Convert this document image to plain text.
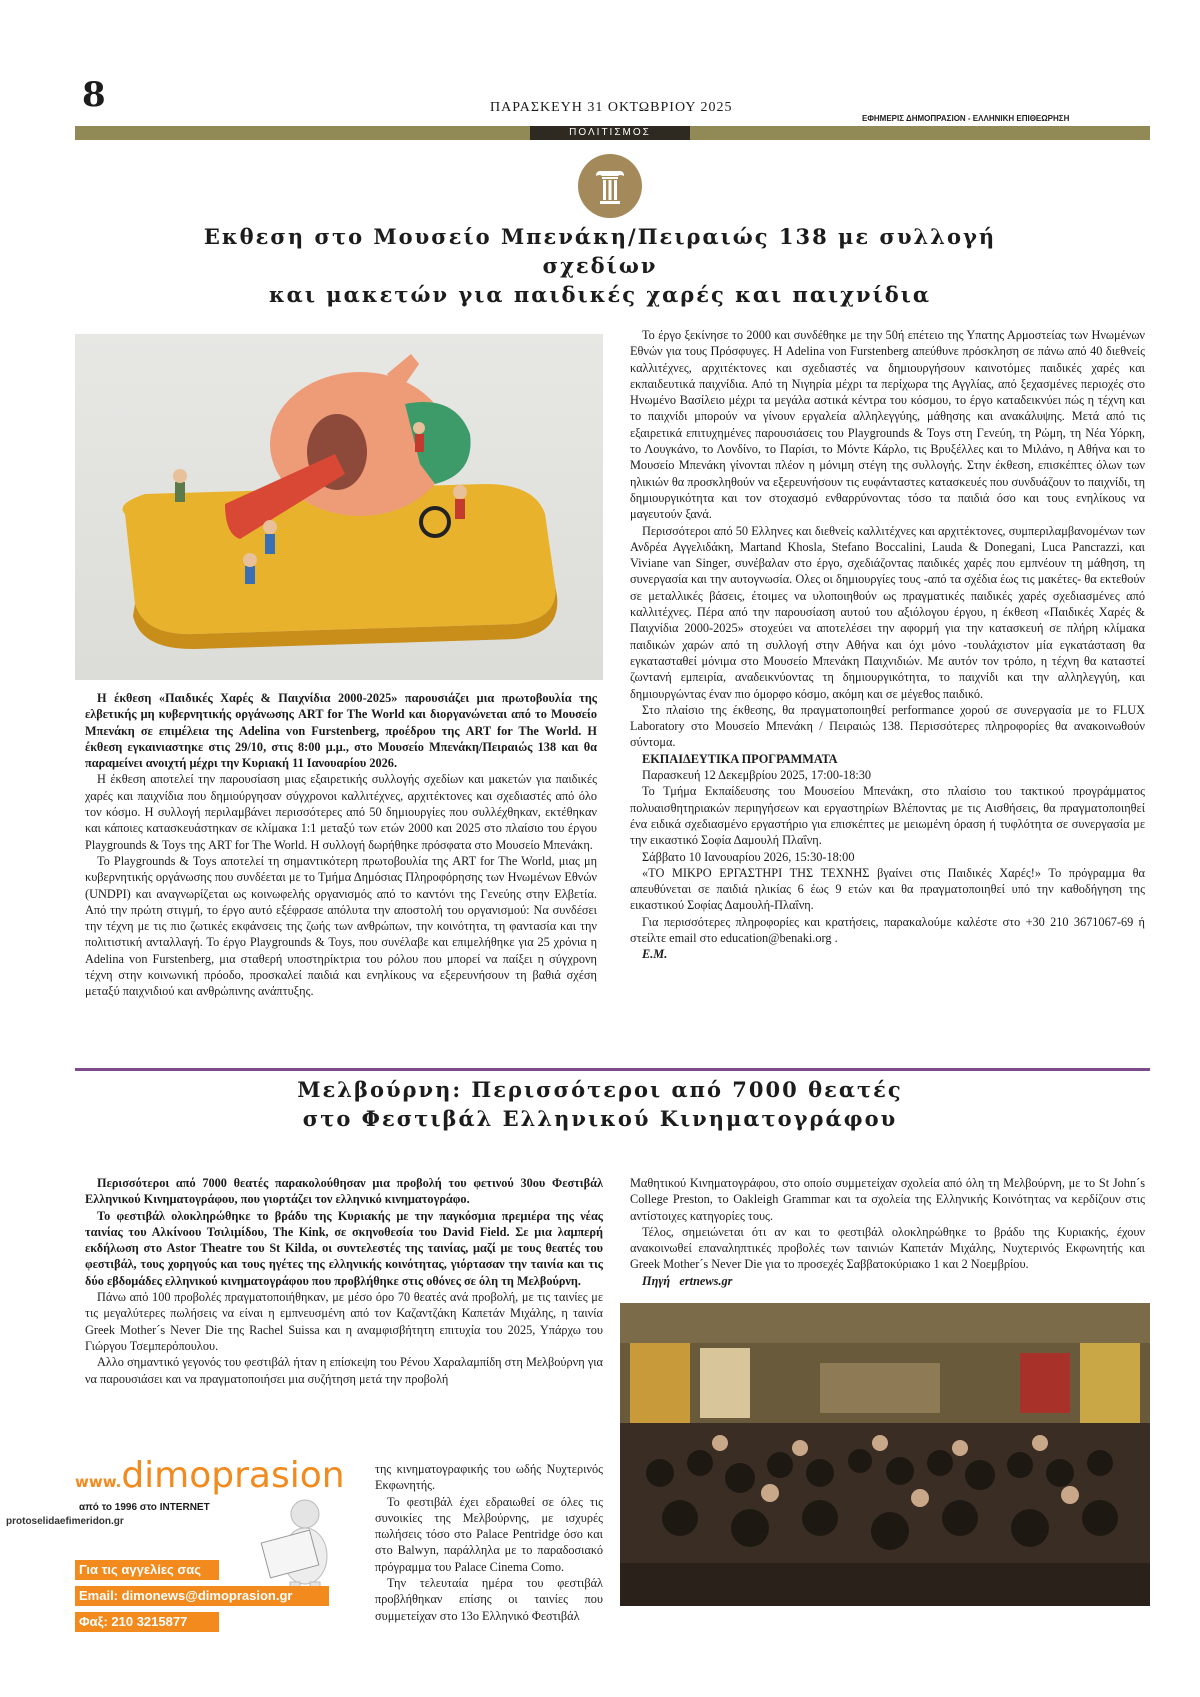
8	ΠΑΡΑΣΚΕΥΗ 31 ΟΚΤΩΒΡΙΟΥ 2025
ΕΦΗΜΕΡΙΣ ΔΗΜΟΠΡΑΣΙΟΝ - ΕΛΛΗΝΙΚΗ ΕΠΙΘΕΩΡΗΣΗ
ΠΟΛΙΤΙΣΜΟΣ
Εκθεση στο Μουσείο Μπενάκη/Πειραιώς 138 με συλλογή σχεδίων
και μακετών για παιδικές χαρές και παιχνίδια

Η έκθεση «Παιδικές Χαρές & Παιχνίδια 2000-2025» παρουσιάζει μια πρωτοβουλία της ελβετικής μη κυβερνητικής οργάνωσης ART for The World και διοργανώνεται από το Μουσείο Μπενάκη σε επιμέλεια της Adelina von Furstenberg, προέδρου της ART for The World. Η έκθεση εγκαινιαστηκε στις 29/10, στις 8:00 μ.μ., στο Μουσείο Μπενάκη/Πειραιώς 138 και θα παραμείνει ανοιχτή μέχρι την Κυριακή 11 Ιανουαρίου 2026.

Η έκθεση αποτελεί την παρουσίαση μιας εξαιρετικής συλλογής σχεδίων και μακετών για παιδικές χαρές και παιχνίδια που δημιούργησαν σύγχρονοι καλλιτέχνες, αρχιτέκτονες και σχεδιαστές από όλο τον κόσμο. Η συλλογή περιλαμβάνει περισσότερες από 50 δημιουργίες που συλλέχθηκαν, εκτέθηκαν και κάποιες κατασκευάστηκαν σε κλίμακα 1:1 μεταξύ των ετών 2000 και 2025 στο πλαίσιο του έργου Playgrounds & Toys της ART for The World. Η συλλογή δωρήθηκε πρόσφατα στο Μουσείο Μπενάκη.

Το Playgrounds & Toys αποτελεί τη σημαντικότερη πρωτοβουλία της ART for The World, μιας μη κυβερνητικής οργάνωσης που συνδέεται με το Τμήμα Δημόσιας Πληροφόρησης των Ηνωμένων Εθνών (UNDPI) και αναγνωρίζεται ως κοινωφελής οργανισμός από το καντόνι της Γενεύης στην Ελβετία. Από την πρώτη στιγμή, το έργο αυτό εξέφρασε απόλυτα την αποστολή του οργανισμού: Να συνδέσει την τέχνη με τις πιο ζωτικές εκφάνσεις της ζωής των ανθρώπων, την κοινότητα, τη φαντασία και την πολιτιστική ανταλλαγή. Το έργο Playgrounds & Toys, που συνέλαβε και επιμελήθηκε για 25 χρόνια η Adelina von Furstenberg, μια σταθερή υποστηρίκτρια του ρόλου που μπορεί να παίξει η σύγχρονη τέχνη στην κοινωνική πρόοδο, προσκαλεί παιδιά και ενηλίκους να εξερευνήσουν τη βαθιά σχέση μεταξύ παιχνιδιού και ανθρώπινης ανάπτυξης.

Το έργο ξεκίνησε το 2000 και συνδέθηκε με την 50ή επέτειο της Υπατης Αρμοστείας των Ηνωμένων Εθνών για τους Πρόσφυγες. Η Adelina von Furstenberg απεύθυνε πρόσκληση σε πάνω από 40 διεθνείς καλλιτέχνες, αρχιτέκτονες και σχεδιαστές να δημιουργήσουν καινοτόμες παιδικές χαρές και εκπαιδευτικά παιχνίδια. Από τη Νιγηρία μέχρι τα περίχωρα της Αγγλίας, από ξεχασμένες περιοχές στο Ηνωμένο Βασίλειο μέχρι τα μεγάλα αστικά κέντρα του κόσμου, το έργο καταδεικνύει πώς η τέχνη και το παιχνίδι μπορούν να γίνουν εργαλεία αλληλεγγύης, μάθησης και ανακάλυψης. Μετά από τις εξαιρετικά επιτυχημένες παρουσιάσεις του Playgrounds & Toys στη Γενεύη, τη Ρώμη, τη Νέα Υόρκη, το Λουγκάνο, το Λονδίνο, το Παρίσι, το Μόντε Κάρλο, τις Βρυξέλλες και το Μιλάνο, η Αθήνα και το Μουσείο Μπενάκη γίνονται πλέον η μόνιμη στέγη της συλλογής. Στην έκθεση, επισκέπτες όλων των ηλικιών θα προσκληθούν να εξερευνήσουν τις ευφάνταστες κατασκευές που συνδυάζουν το παιχνίδι, τη δημιουργικότητα και τον στοχασμό ενθαρρύνοντας τόσο τα παιδιά όσο και τους ενηλίκους να μαγευτούν ξανά.

Περισσότεροι από 50 Ελληνες και διεθνείς καλλιτέχνες και αρχιτέκτονες, συμπεριλαμβανομένων των Ανδρέα Αγγελιδάκη, Martand Khosla, Stefano Boccalini, Lauda & Donegani, Luca Pancrazzi, και Viviane van Singer, συνέβαλαν στο έργο, σχεδιάζοντας παιδικές χαρές που εμπνέουν τη μάθηση, τη συνεργασία και την αυτογνωσία. Ολες οι δημιουργίες τους -από τα σχέδια έως τις μακέτες- θα εκτεθούν σε μεταλλικές βάσεις, έτοιμες να υλοποιηθούν ως πραγματικές παιδικές χαρές σχεδιασμένες από καλλιτέχνες. Πέρα από την παρουσίαση αυτού του αξιόλογου έργου, η έκθεση «Παιδικές Χαρές & Παιχνίδια 2000-2025» στοχεύει να αποτελέσει την αφορμή για την κατασκευή σε πλήρη κλίμακα παιδικών χαρών από τη συλλογή στην Αθήνα και όχι μόνο -τουλάχιστον μία εγκατάσταση θα εγκατασταθεί μόνιμα στο Μουσείο Μπενάκη Παιχνιδιών. Με αυτόν τον τρόπο, η τέχνη θα καταστεί ζωντανή εμπειρία, αναδεικνύοντας τη δημιουργικότητα, το παιχνίδι και την αλληλεγγύη, και δημιουργώντας έναν πιο όμορφο κόσμο, ακόμη και σε μέγεθος παιδικό.

Στο πλαίσιο της έκθεσης, θα πραγματοποιηθεί performance χορού σε συνεργασία με το FLUX Laboratory στο Μουσείο Μπενάκη / Πειραιώς 138. Περισσότερες πληροφορίες θα ανακοινωθούν σύντομα.

ΕΚΠΑΙΔΕΥΤΙΚΑ ΠΡΟΓΡΑΜΜΑΤΑ

Παρασκευή 12 Δεκεμβρίου 2025, 17:00-18:30

Το Τμήμα Εκπαίδευσης του Μουσείου Μπενάκη, στο πλαίσιο του τακτικού προγράμματος πολυαισθητηριακών περιηγήσεων και εργαστηρίων Βλέποντας με τις Αισθήσεις, θα πραγματοποιηθεί ένα ειδικά σχεδιασμένο εργαστήριο για επισκέπτες με μειωμένη όραση ή τυφλότητα σε συνεργασία με την εικαστικό Σοφία Δαμουλή Πλαΐνη.

Σάββατο 10 Ιανουαρίου 2026, 15:30-18:00

«ΤΟ ΜΙΚΡΟ ΕΡΓΑΣΤΗΡΙ ΤΗΣ ΤΕΧΝΗΣ βγαίνει στις Παιδικές Χαρές!» Το πρόγραμμα θα απευθύνεται σε παιδιά ηλικίας 6 έως 9 ετών και θα πραγματοποιηθεί υπό την καθοδήγηση της εικαστικού Σοφίας Δαμουλή-Πλαΐνη.

Για περισσότερες πληροφορίες και κρατήσεις, παρακαλούμε καλέστε στο +30 210 3671067-69 ή στείλτε email στο education@benaki.org .

Ε.Μ.

Μελβούρνη: Περισσότεροι από 7000 θεατές
στο Φεστιβάλ Ελληνικού Κινηματογράφου

Περισσότεροι από 7000 θεατές παρακολούθησαν μια προβολή του φετινού 30ου Φεστιβάλ Ελληνικού Κινηματογράφου, που γιορτάζει τον ελληνικό κινηματογράφο.

Το φεστιβάλ ολοκληρώθηκε το βράδυ της Κυριακής με την παγκόσμια πρεμιέρα της νέας ταινίας του Αλκίνοου Τσιλιμίδου, The Kink, σε σκηνοθεσία του David Field. Σε μια λαμπερή εκδήλωση στο Astor Theatre του St Kilda, οι συντελεστές της ταινίας, μαζί με τους θεατές του φεστιβάλ, τους χορηγούς και τους ηγέτες της ελληνικής κοινότητας, γιόρτασαν την ταινία και τις δύο εβδομάδες ελληνικού κινηματογράφου που προβλήθηκε στις οθόνες σε όλη τη Μελβούρνη.

Πάνω από 100 προβολές πραγματοποιήθηκαν, με μέσο όρο 70 θεατές ανά προβολή, με τις ταινίες με τις μεγαλύτερες πωλήσεις να είναι η εμπνευσμένη από τον Καζαντζάκη Καπετάν Μιχάλης, η ταινία Greek Mother´s Never Die της Rachel Suissa και η αναμφισβήτητη επιτυχία του 2025, Υπάρχω του Γιώργου Τσεμπερόπουλου.

Αλλο σημαντικό γεγονός του φεστιβάλ ήταν η επίσκεψη του Ρένου Χαραλαμπίδη στη Μελβούρνη για να παρουσιάσει και να πραγματοποιήσει μια συζήτηση μετά την προβολή

της κινηματογραφικής του ωδής Νυχτερινός Εκφωνητής.

Το φεστιβάλ έχει εδραιωθεί σε όλες τις συνοικίες της Μελβούρνης, με ισχυρές πωλήσεις τόσο στο Palace Pentridge όσο και στο Balwyn, παράλληλα με το παραδοσιακό πρόγραμμα του Palace Cinema Como.

Την τελευταία ημέρα του φεστιβάλ προβλήθηκαν επίσης οι ταινίες που συμμετείχαν στο 13ο Ελληνικό Φεστιβάλ

Μαθητικού Κινηματογράφου, στο οποίο συμμετείχαν σχολεία από όλη τη Μελβούρνη, με το St John´s College Preston, το Oakleigh Grammar και τα σχολεία της Ελληνικής Κοινότητας να κερδίζουν στις αντίστοιχες κατηγορίες τους.

Τέλος, σημειώνεται ότι αν και το φεστιβάλ ολοκληρώθηκε το βράδυ της Κυριακής, έχουν ανακοινωθεί επαναληπτικές προβολές των ταινιών Καπετάν Μιχάλης, Νυχτερινός Εκφωνητής και Greek Mother´s Never Die για το προσεχές Σαββατοκύριακο 1 και 2 Νοεμβρίου.

Πηγή ertnews.gr

www.dimoprasion
από το 1996 στο INTERNET
Για τις αγγελίες σας
Email: dimonews@dimoprasion.gr
Φαξ: 210 3215877
protoselidaefimeridon.gr
